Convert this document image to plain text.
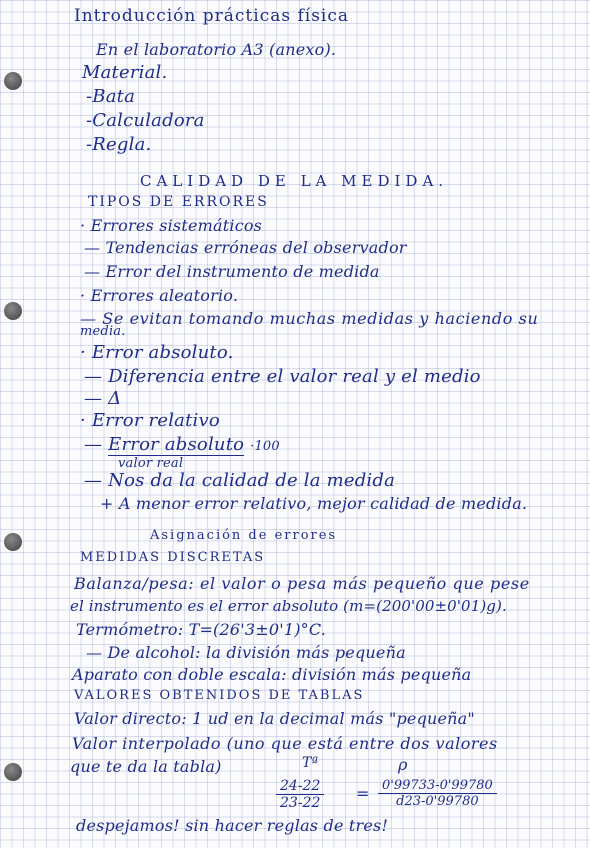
Introducción prácticas física
En el laboratorio A3 (anexo).
Material.
-Bata
-Calculadora
-Regla.
CALIDAD DE LA MEDIDA.
TIPOS DE ERRORES
· Errores sistemáticos
— Tendencias erróneas del observador
— Error del instrumento de medida
· Errores aleatorio.
— Se evitan tomando muchas medidas y haciendo su
media.
· Error absoluto.
— Diferencia entre el valor real y el medio
— Δ
· Error relativo
— Error absoluto ·100
valor real
— Nos da la calidad de la medida
+ A menor error relativo, mejor calidad de medida.
Asignación de errores
MEDIDAS DISCRETAS
Balanza/pesa: el valor o pesa más pequeño que pese
el instrumento es el error absoluto (m=(200'00±0'01)g).
Termómetro: T=(26'3±0'1)°C.
— De alcohol: la división más pequeña
Aparato con doble escala: división más pequeña
VALORES OBTENIDOS DE TABLAS
Valor directo: 1 ud en la decimal más "pequeña"
Valor interpolado (uno que está entre dos valores
que te da la tabla)	Tª	ρ
$\frac{24-22}{23-22} = \frac{0'99733-0'99780}{d23-0'99780}$
despejamos! sin hacer reglas de tres!
